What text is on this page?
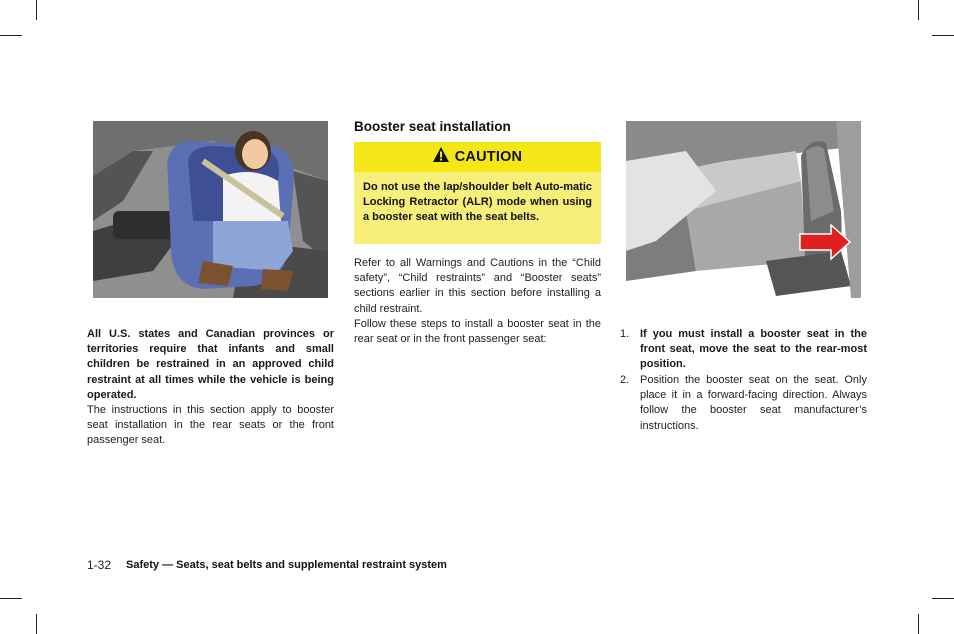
All U.S. states and Canadian provinces or territories require that infants and small children be restrained in an approved child restraint at all times while the vehicle is being operated.
The instructions in this section apply to booster seat installation in the rear seats or the front passenger seat.
Booster seat installation
CAUTION
Do not use the lap/shoulder belt Auto-matic Locking Retractor (ALR) mode when using a booster seat with the seat belts.
Refer to all Warnings and Cautions in the “Child safety”, “Child restraints” and “Booster seats” sections earlier in this section before installing a child restraint.
Follow these steps to install a booster seat in the rear seat or in the front passenger seat:	1. If you must install a booster seat in the front seat, move the seat to the rear-most position.
2. Position the booster seat on the seat. Only place it in a forward-facing direction. Always follow the booster seat manufacturer’s instructions.
1-32 Safety — Seats, seat belts and supplemental restraint system
